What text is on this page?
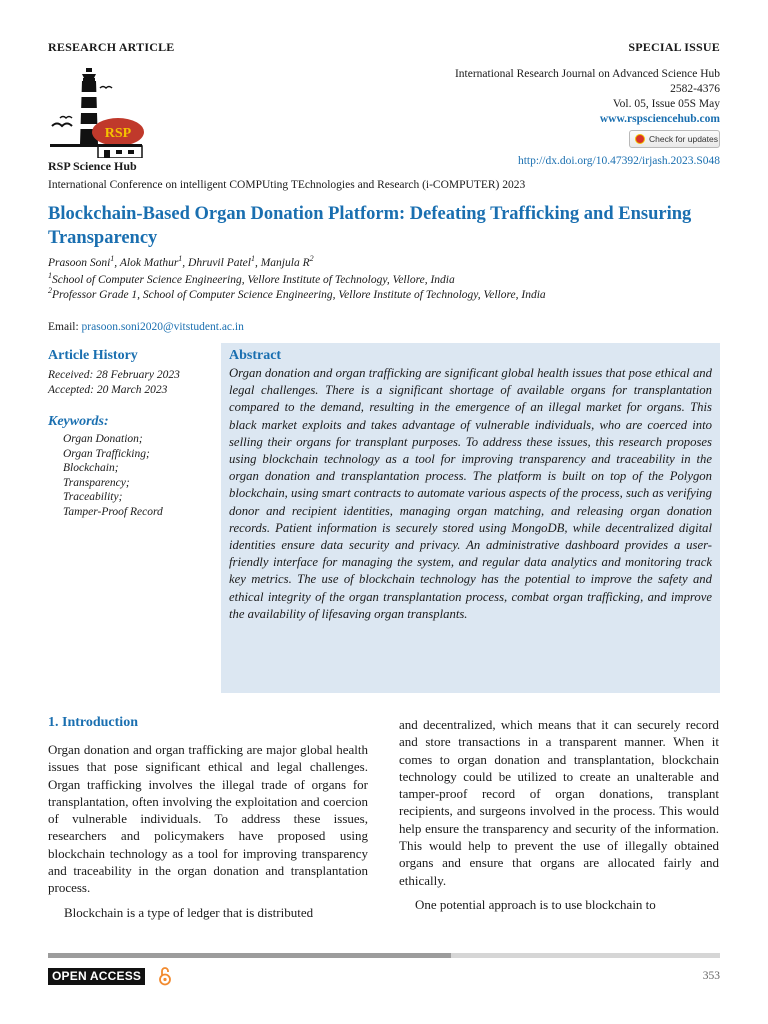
RESEARCH ARTICLE	SPECIAL ISSUE
RSP
RSP Science Hub
International Research Journal on Advanced Science Hub
2582-4376
Vol. 05, Issue 05S May
www.rspsciencehub.com
Check for updates
http://dx.doi.org/10.47392/irjash.2023.S048
International Conference on intelligent COMPUting TEchnologies and Research (i-COMPUTER) 2023
Blockchain-Based Organ Donation Platform: Defeating Trafficking and Ensuring Transparency
Prasoon Soni$^1$, Alok Mathur$^1$, Dhruvil Patel$^1$, Manjula $R^2$
$^1$School of Computer Science Engineering, Vellore Institute of Technology, Vellore, India
$^2$Professor Grade 1, School of Computer Science Engineering, Vellore Institute of Technology, Vellore, India
Email: prasoon.soni2020@vitstudent.ac.in
Article History
Received: 28 February 2023
Accepted: 20 March 2023
Keywords:
Organ Donation;
Organ Trafficking;
Blockchain;
Transparency;
Traceability;
Tamper-Proof Record
Abstract
Organ donation and organ trafficking are significant global health issues that pose ethical and legal challenges. There is a significant shortage of available organs for transplantation compared to the demand, resulting in the emergence of an illegal market for organs. This black market exploits and takes advantage of vulnerable individuals, who are coerced into selling their organs for transplant purposes. To address these issues, this research proposes using blockchain technology as a tool for improving transparency and traceability in the organ donation and transplantation process. The platform is built on top of the Polygon blockchain, using smart contracts to automate various aspects of the process, such as verifying donor and recipient identities, managing organ matching, and releasing organ donation records. Patient information is securely stored using MongoDB, while decentralized digital identities ensure data security and privacy. An administrative dashboard provides a user-friendly interface for managing the system, and regular data analytics and monitoring track key metrics. The use of blockchain technology has the potential to improve the safety and ethical integrity of the organ transplantation process, combat organ trafficking, and improve the availability of lifesaving organ transplants.
1. Introduction

Organ donation and organ trafficking are major global health issues that pose significant ethical and legal challenges. Organ trafficking involves the illegal trade of organs for transplantation, often involving the exploitation and coercion of vulnerable individuals. To address these issues, researchers and policymakers have proposed using blockchain technology as a tool for improving transparency and traceability in the organ donation and transplantation process.

Blockchain is a type of ledger that is distributed

and decentralized, which means that it can securely record and store transactions in a transparent manner. When it comes to organ donation and transplantation, blockchain technology could be utilized to create an unalterable and tamper-proof record of organ donations, transplant recipients, and surgeons involved in the process. This would help ensure the transparency and security of the information. This would help to prevent the use of illegally obtained organs and ensure that organs are allocated fairly and ethically.

One potential approach is to use blockchain to

OPEN ACCESS	353
